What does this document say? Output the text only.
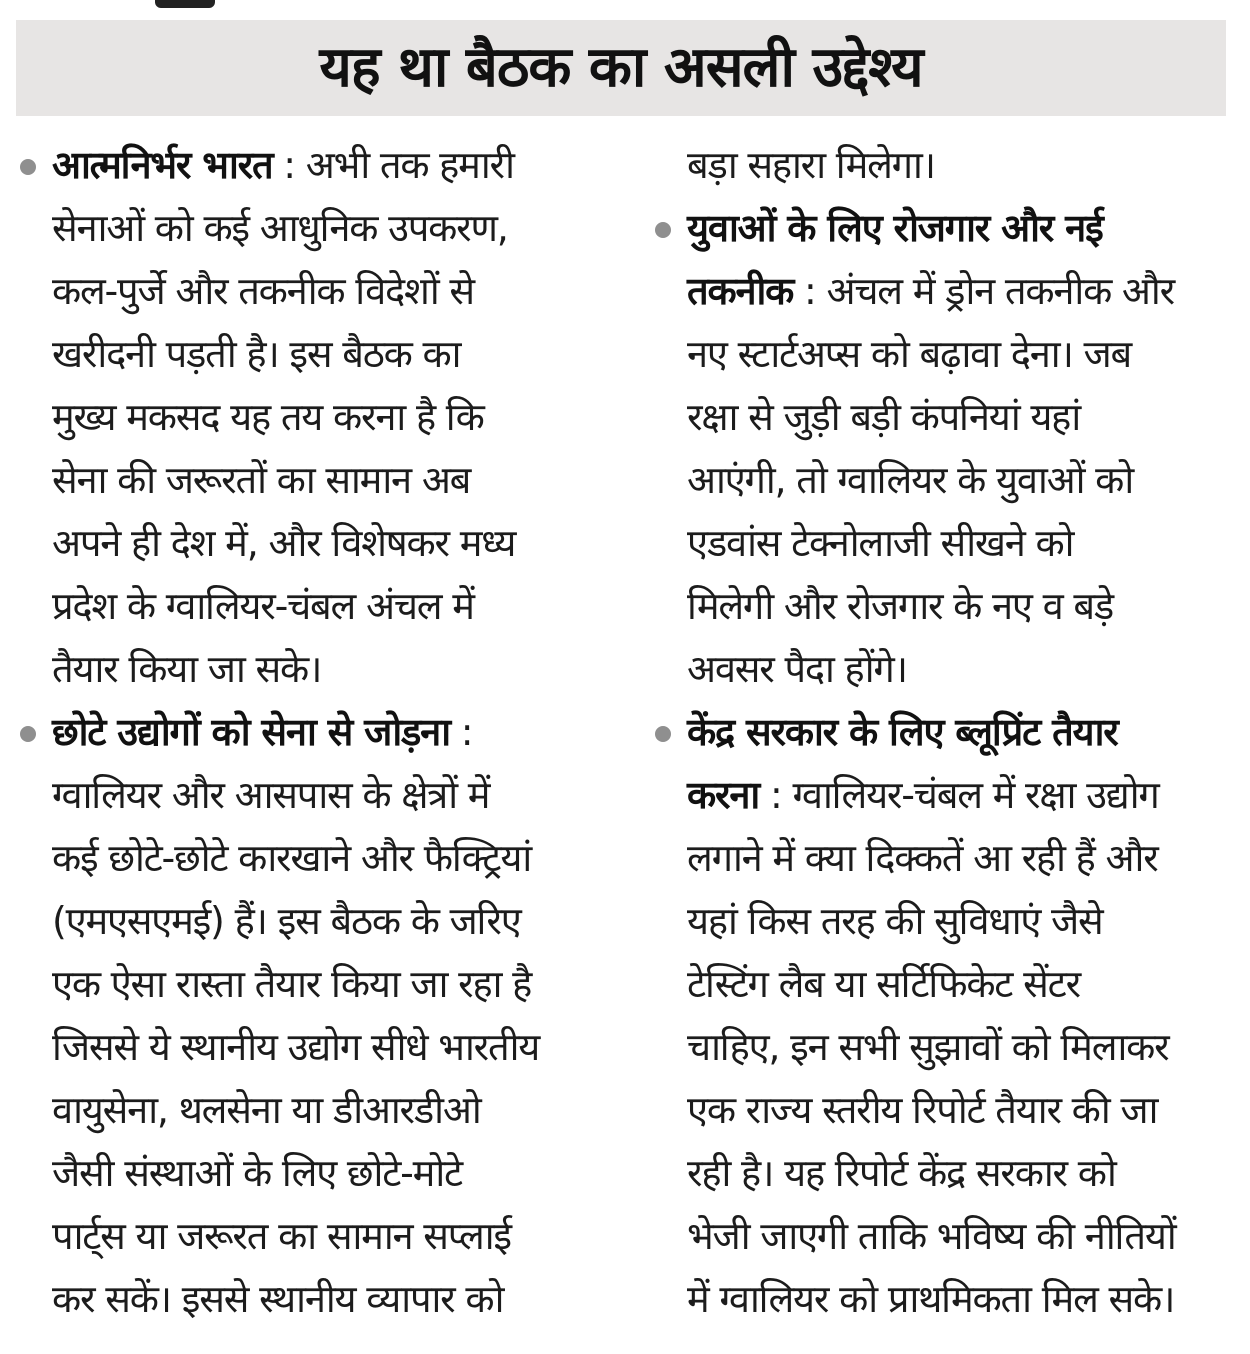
यह था बैठक का असली उद्देश्य

आत्मनिर्भर भारत : अभी तक हमारी
सेनाओं को कई आधुनिक उपकरण,
कल-पुर्जे और तकनीक विदेशों से
खरीदनी पड़ती है। इस बैठक का
मुख्य मकसद यह तय करना है कि
सेना की जरूरतों का सामान अब
अपने ही देश में, और विशेषकर मध्य
प्रदेश के ग्वालियर-चंबल अंचल में
तैयार किया जा सके।

छोटे उद्योगों को सेना से जोड़ना :
ग्वालियर और आसपास के क्षेत्रों में
कई छोटे-छोटे कारखाने और फैक्ट्रियां
(एमएसएमई) हैं। इस बैठक के जरिए
एक ऐसा रास्ता तैयार किया जा रहा है
जिससे ये स्थानीय उद्योग सीधे भारतीय
वायुसेना, थलसेना या डीआरडीओ
जैसी संस्थाओं के लिए छोटे-मोटे
पार्ट्स या जरूरत का सामान सप्लाई
कर सकें। इससे स्थानीय व्यापार को

बड़ा सहारा मिलेगा।

युवाओं के लिए रोजगार और नई
तकनीक : अंचल में ड्रोन तकनीक और
नए स्टार्टअप्स को बढ़ावा देना। जब
रक्षा से जुड़ी बड़ी कंपनियां यहां
आएंगी, तो ग्वालियर के युवाओं को
एडवांस टेक्नोलाजी सीखने को
मिलेगी और रोजगार के नए व बड़े
अवसर पैदा होंगे।

केंद्र सरकार के लिए ब्लूप्रिंट तैयार
करना : ग्वालियर-चंबल में रक्षा उद्योग
लगाने में क्या दिक्कतें आ रही हैं और
यहां किस तरह की सुविधाएं जैसे
टेस्टिंग लैब या सर्टिफिकेट सेंटर
चाहिए, इन सभी सुझावों को मिलाकर
एक राज्य स्तरीय रिपोर्ट तैयार की जा
रही है। यह रिपोर्ट केंद्र सरकार को
भेजी जाएगी ताकि भविष्य की नीतियों
में ग्वालियर को प्राथमिकता मिल सके।
